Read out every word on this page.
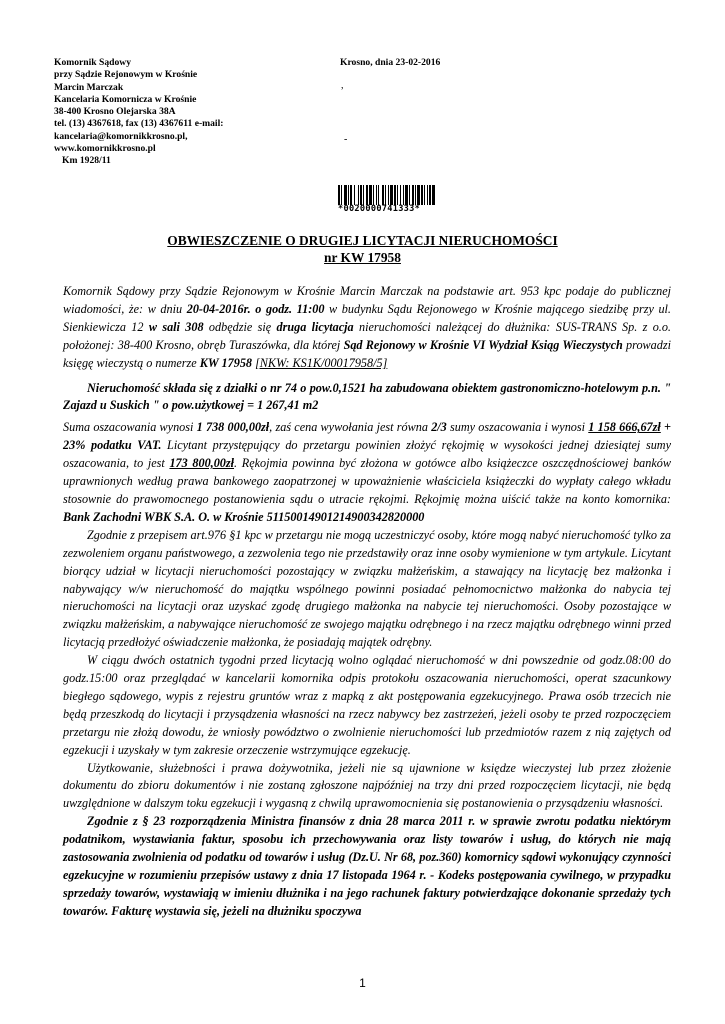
Komornik Sądowy
przy Sądzie Rejonowym w Krośnie
Marcin Marczak
Kancelaria Komornicza w Krośnie
38-400 Krosno Olejarska 38A
tel. (13) 4367618, fax (13) 4367611 e-mail:
kancelaria@komornikkrosno.pl,
www.komornikkrosno.pl
Km 1928/11
Krosno, dnia 23-02-2016
,
-
*0020000741333*
OBWIESZCZENIE O DRUGIEJ LICYTACJI NIERUCHOMOŚCI
nr KW 17958

Komornik Sądowy przy Sądzie Rejonowym w Krośnie Marcin Marczak na podstawie art. 953 kpc podaje do publicznej wiadomości, że: w dniu 20-04-2016r. o godz. 11:00 w budynku Sądu Rejonowego w Krośnie mającego siedzibę przy ul. Sienkiewicza 12 w sali 308 odbędzie się druga licytacja nieruchomości należącej do dłużnika: SUS-TRANS Sp. z o.o. położonej: 38-400 Krosno, obręb Turaszówka, dla której Sąd Rejonowy w Krośnie VI Wydział Ksiąg Wieczystych prowadzi księgę wieczystą o numerze KW 17958 [NKW: KS1K/00017958/5]

Nieruchomość składa się z działki o nr 74 o pow.0,1521 ha zabudowana obiektem gastronomiczno-hotelowym p.n. " Zajazd u Suskich " o pow.użytkowej = 1 267,41 m2

Suma oszacowania wynosi 1 738 000,00zł, zaś cena wywołania jest równa 2/3 sumy oszacowania i wynosi 1 158 666,67zł + 23% podatku VAT. Licytant przystępujący do przetargu powinien złożyć rękojmię w wysokości jednej dziesiątej sumy oszacowania, to jest 173 800,00zł. Rękojmia powinna być złożona w gotówce albo książeczce oszczędnościowej banków uprawnionych według prawa bankowego zaopatrzonej w upoważnienie właściciela książeczki do wypłaty całego wkładu stosownie do prawomocnego postanowienia sądu o utracie rękojmi. Rękojmię można uiścić także na konto komornika: Bank Zachodni WBK S.A. O. w Krośnie 51150014901214900342820000

Zgodnie z przepisem art.976 §1 kpc w przetargu nie mogą uczestniczyć osoby, które mogą nabyć nieruchomość tylko za zezwoleniem organu państwowego, a zezwolenia tego nie przedstawiły oraz inne osoby wymienione w tym artykule. Licytant biorący udział w licytacji nieruchomości pozostający w związku małżeńskim, a stawający na licytację bez małżonka i nabywający w/w nieruchomość do majątku wspólnego powinni posiadać pełnomocnictwo małżonka do nabycia tej nieruchomości na licytacji oraz uzyskać zgodę drugiego małżonka na nabycie tej nieruchomości. Osoby pozostające w związku małżeńskim, a nabywające nieruchomość ze swojego majątku odrębnego i na rzecz majątku odrębnego winni przed licytacją przedłożyć oświadczenie małżonka, że posiadają majątek odrębny.

W ciągu dwóch ostatnich tygodni przed licytacją wolno oglądać nieruchomość w dni powszednie od godz.08:00 do godz.15:00 oraz przeglądać w kancelarii komornika odpis protokołu oszacowania nieruchomości, operat szacunkowy biegłego sądowego, wypis z rejestru gruntów wraz z mapką z akt postępowania egzekucyjnego. Prawa osób trzecich nie będą przeszkodą do licytacji i przysądzenia własności na rzecz nabywcy bez zastrzeżeń, jeżeli osoby te przed rozpoczęciem przetargu nie złożą dowodu, że wniosły powództwo o zwolnienie nieruchomości lub przedmiotów razem z nią zajętych od egzekucji i uzyskały w tym zakresie orzeczenie wstrzymujące egzekucję.

Użytkowanie, służebności i prawa dożywotnika, jeżeli nie są ujawnione w księdze wieczystej lub przez złożenie dokumentu do zbioru dokumentów i nie zostaną zgłoszone najpóźniej na trzy dni przed rozpoczęciem licytacji, nie będą uwzględnione w dalszym toku egzekucji i wygasną z chwilą uprawomocnienia się postanowienia o przysądzeniu własności.

Zgodnie z § 23 rozporządzenia Ministra finansów z dnia 28 marca 2011 r. w sprawie zwrotu podatku niektórym podatnikom, wystawiania faktur, sposobu ich przechowywania oraz listy towarów i usług, do których nie mają zastosowania zwolnienia od podatku od towarów i usług (Dz.U. Nr 68, poz.360) komornicy sądowi wykonujący czynności egzekucyjne w rozumieniu przepisów ustawy z dnia 17 listopada 1964 r. - Kodeks postępowania cywilnego, w przypadku sprzedaży towarów, wystawiają w imieniu dłużnika i na jego rachunek faktury potwierdzające dokonanie sprzedaży tych towarów. Fakturę wystawia się, jeżeli na dłużniku spoczywa

1
